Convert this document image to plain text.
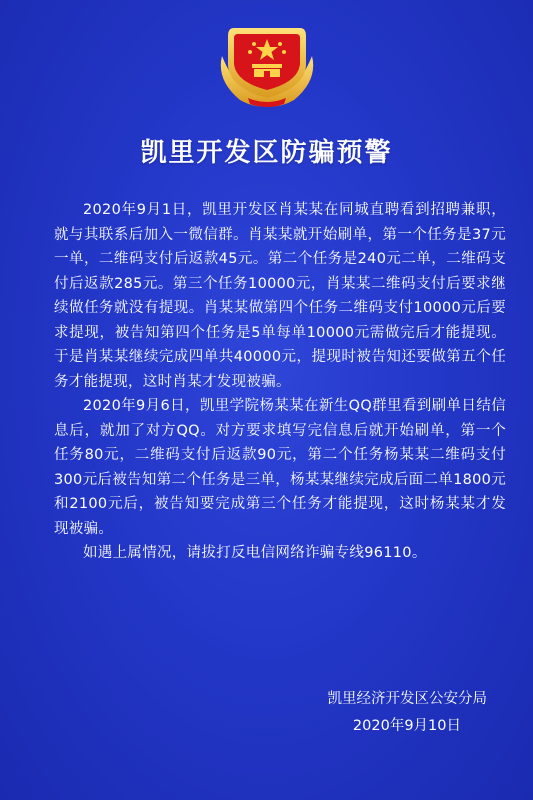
凯里开发区防骗预警

2020年9月1日，凯里开发区肖某某在同城直聘看到招聘兼职，就与其联系后加入一微信群。肖某某就开始刷单，第一个任务是37元一单，二维码支付后返款45元。第二个任务是240元二单，二维码支付后返款285元。第三个任务10000元，肖某某二维码支付后要求继续做任务就没有提现。肖某某做第四个任务二维码支付10000元后要求提现，被告知第四个任务是5单每单10000元需做完后才能提现。于是肖某某继续完成四单共40000元，提现时被告知还要做第五个任务才能提现，这时肖某才发现被骗。

2020年9月6日，凯里学院杨某某在新生QQ群里看到刷单日结信息后，就加了对方QQ。对方要求填写完信息后就开始刷单，第一个任务80元，二维码支付后返款90元，第二个任务杨某某二维码支付300元后被告知第二个任务是三单，杨某某继续完成后面二单1800元和2100元后，被告知要完成第三个任务才能提现，这时杨某某才发现被骗。

如遇上属情况，请拔打反电信网络诈骗专线96110。

凯里经济开发区公安分局
2020年9月10日
